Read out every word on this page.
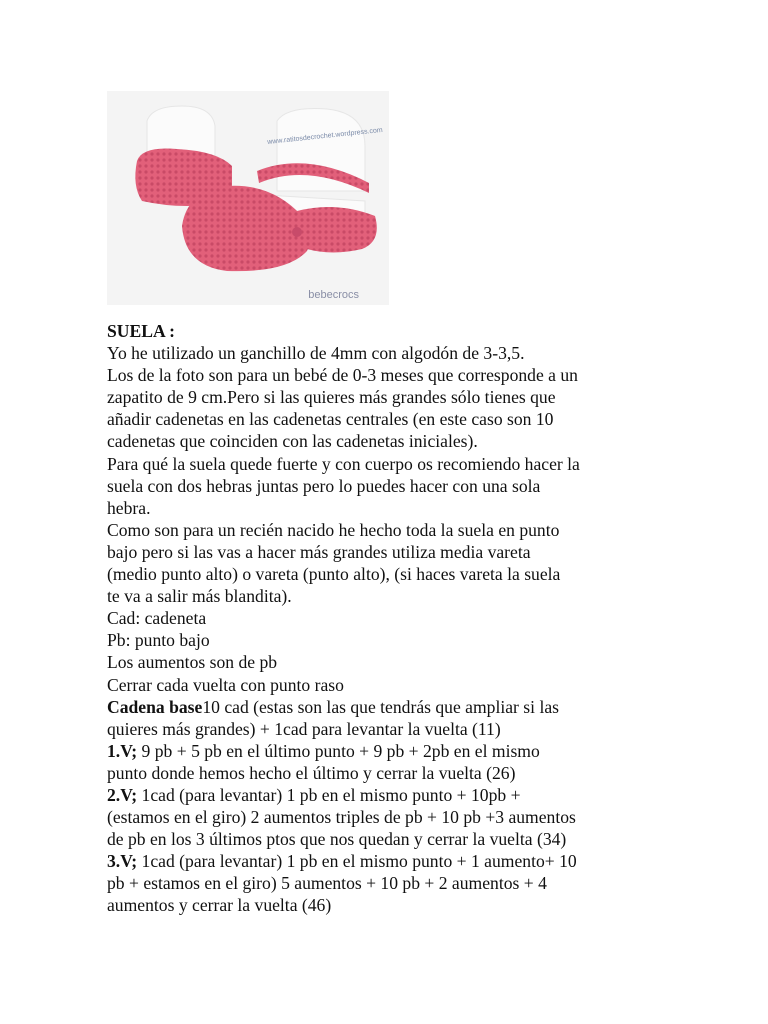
www.ratitosdecrochet.wordpress.com
bebecrocs

SUELA :

Yo he utilizado un ganchillo de 4mm con algodón de 3-3,5.

Los de la foto son para un bebé de 0-3 meses que corresponde a un

zapatito de 9 cm.Pero si las quieres más grandes sólo tienes que

añadir cadenetas en las cadenetas centrales (en este caso son 10

cadenetas que coinciden con las cadenetas iniciales).

Para qué la suela quede fuerte y con cuerpo os recomiendo hacer la

suela con dos hebras juntas pero lo puedes hacer con una sola

hebra.

Como son para un recién nacido he hecho toda la suela en punto

bajo pero si las vas a hacer más grandes utiliza media vareta

(medio punto alto) o vareta (punto alto), (si haces vareta la suela

te va a salir más blandita).

Cad: cadeneta

Pb: punto bajo

Los aumentos son de pb

Cerrar cada vuelta con punto raso

Cadena base10 cad (estas son las que tendrás que ampliar si las

quieres más grandes) + 1cad para levantar la vuelta (11)

1.V; 9 pb + 5 pb en el último punto + 9 pb + 2pb en el mismo

punto donde hemos hecho el último y cerrar la vuelta (26)

2.V; 1cad (para levantar) 1 pb en el mismo punto + 10pb +

(estamos en el giro) 2 aumentos triples de pb + 10 pb +3 aumentos

de pb en los 3 últimos ptos que nos quedan y cerrar la vuelta (34)

3.V; 1cad (para levantar) 1 pb en el mismo punto + 1 aumento+ 10

pb + estamos en el giro) 5 aumentos + 10 pb + 2 aumentos + 4

aumentos y cerrar la vuelta (46)
